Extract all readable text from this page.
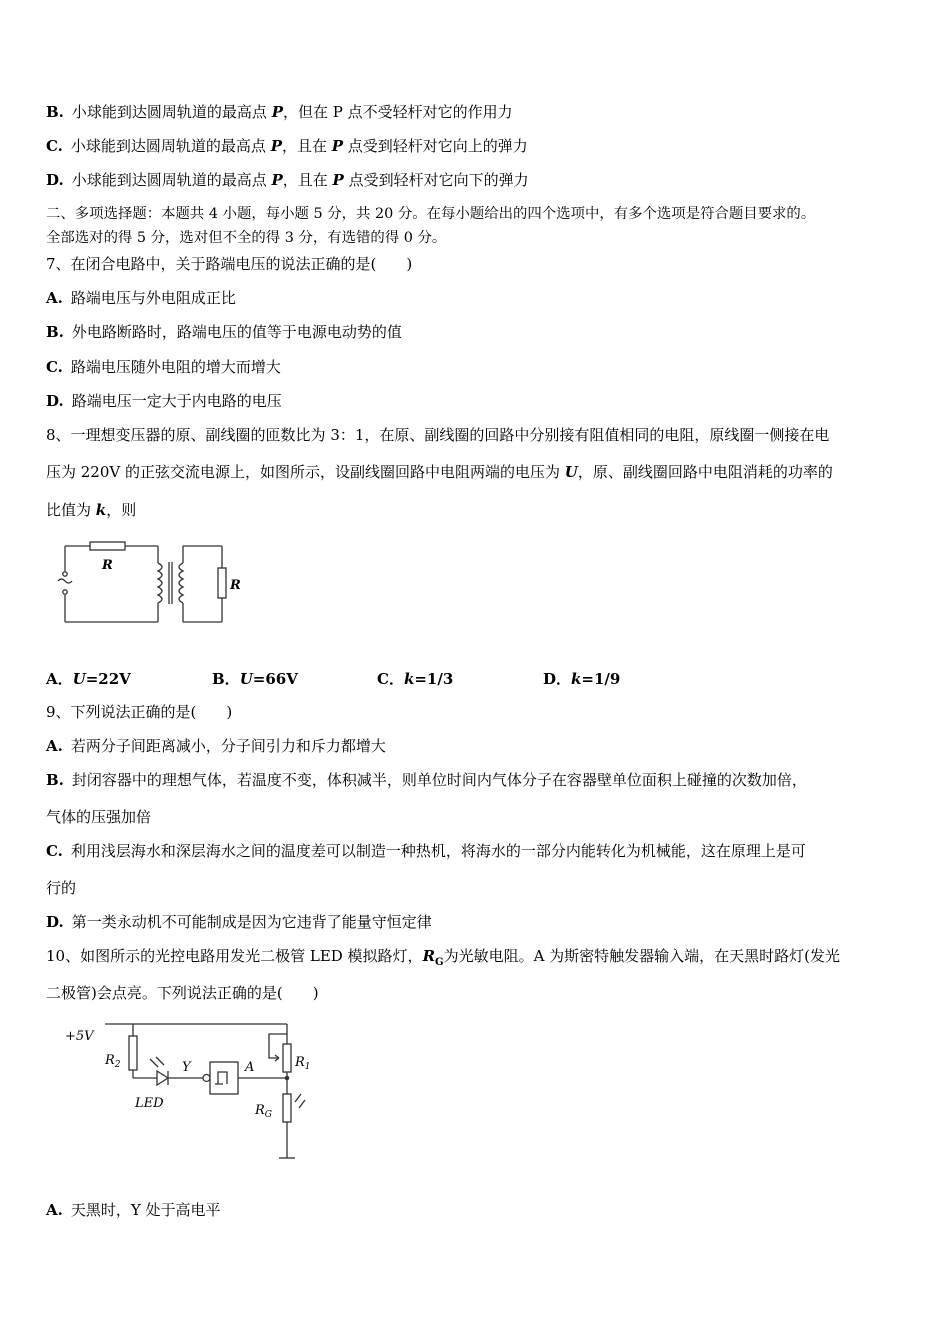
B. 小球能到达圆周轨道的最高点 P，但在 P 点不受轻杆对它的作用力
C. 小球能到达圆周轨道的最高点 P，且在 P 点受到轻杆对它向上的弹力
D. 小球能到达圆周轨道的最高点 P，且在 P 点受到轻杆对它向下的弹力
二、多项选择题：本题共 4 小题，每小题 5 分，共 20 分。在每小题给出的四个选项中，有多个选项是符合题目要求的。
全部选对的得 5 分，选对但不全的得 3 分，有选错的得 0 分。
7、在闭合电路中，关于路端电压的说法正确的是(　　)
A. 路端电压与外电阻成正比
B. 外电路断路时，路端电压的值等于电源电动势的值
C. 路端电压随外电阻的增大而增大
D. 路端电压一定大于内电路的电压
8、一理想变压器的原、副线圈的匝数比为 3：1，在原、副线圈的回路中分别接有阻值相同的电阻，原线圈一侧接在电
压为 220V 的正弦交流电源上，如图所示，设副线圈回路中电阻两端的电压为 U，原、副线圈回路中电阻消耗的功率的
比值为 k，则
R
R
A．U=22V	B．U=66V	C．k=1/3	D．k=1/9
9、下列说法正确的是(　　)
A. 若两分子间距离减小，分子间引力和斥力都增大
B. 封闭容器中的理想气体，若温度不变，体积减半，则单位时间内气体分子在容器壁单位面积上碰撞的次数加倍，
气体的压强加倍
C. 利用浅层海水和深层海水之间的温度差可以制造一种热机，将海水的一部分内能转化为机械能，这在原理上是可
行的
D. 第一类永动机不可能制成是因为它违背了能量守恒定律
10、如图所示的光控电路用发光二极管 LED 模拟路灯，$R_G$为光敏电阻。A 为斯密特触发器输入端，在天黑时路灯(发光
二极管)会点亮。下列说法正确的是(　　)
+5V
$R_2$	Y	A	$R_1$
LED	$R_G$
A. 天黑时，Y 处于高电平
